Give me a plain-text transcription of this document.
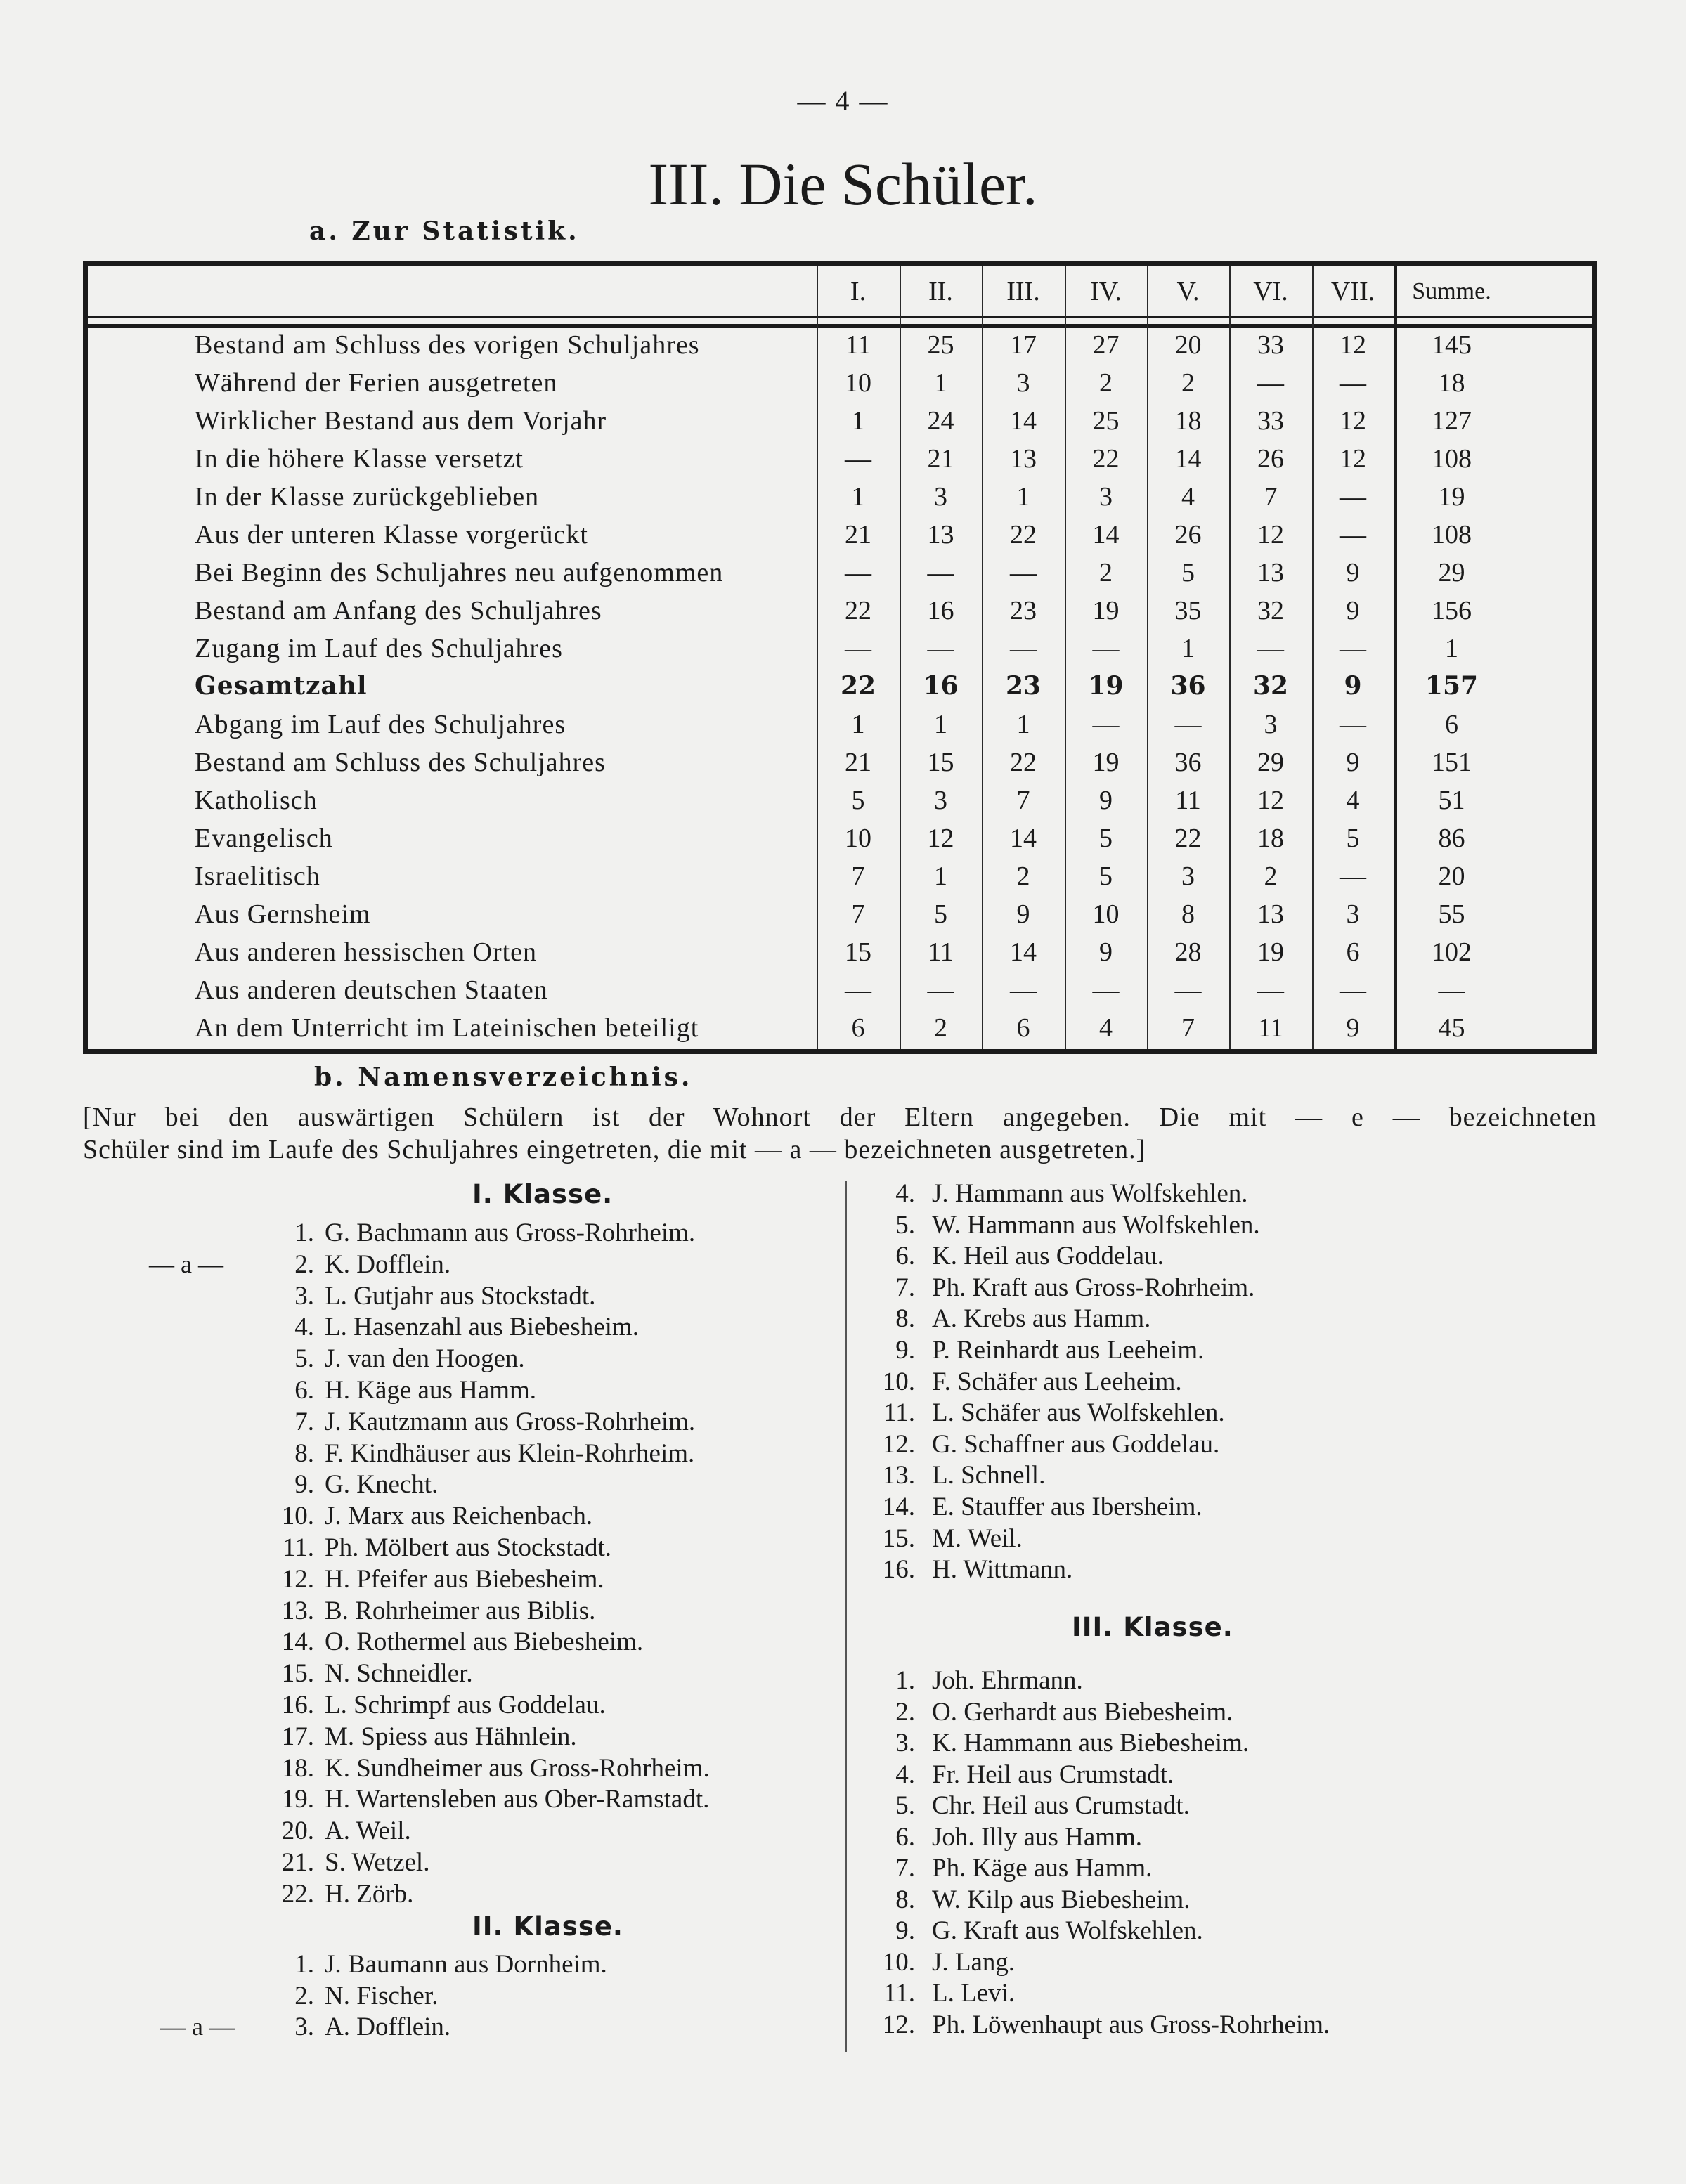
— 4 —
III. Die Schüler.
a. Zur Statistik.
I.	II.	III.	IV.	V.	VI.	VII.	Summe.
Bestand am Schluss des vorigen Schuljahres	11	25	17	27	20	33	12	145
Während der Ferien ausgetreten	10	1	3	2	2	—	—	18
Wirklicher Bestand aus dem Vorjahr	1	24	14	25	18	33	12	127
In die höhere Klasse versetzt	—	21	13	22	14	26	12	108
In der Klasse zurückgeblieben	1	3	1	3	4	7	—	19
Aus der unteren Klasse vorgerückt	21	13	22	14	26	12	—	108
Bei Beginn des Schuljahres neu aufgenommen	—	—	—	2	5	13	9	29
Bestand am Anfang des Schuljahres	22	16	23	19	35	32	9	156
Zugang im Lauf des Schuljahres	—	—	—	—	1	—	—	1
Gesamtzahl	22	16	23	19	36	32	9	157
Abgang im Lauf des Schuljahres	1	1	1	—	—	3	—	6
Bestand am Schluss des Schuljahres	21	15	22	19	36	29	9	151
Katholisch	5	3	7	9	11	12	4	51
Evangelisch	10	12	14	5	22	18	5	86
Israelitisch	7	1	2	5	3	2	—	20
Aus Gernsheim	7	5	9	10	8	13	3	55
Aus anderen hessischen Orten	15	11	14	9	28	19	6	102
Aus anderen deutschen Staaten	—	—	—	—	—	—	—	—
An dem Unterricht im Lateinischen beteiligt	6	2	6	4	7	11	9	45
b. Namensverzeichnis.
[Nur bei den auswärtigen Schülern ist der Wohnort der Eltern angegeben. Die mit — e — bezeichneten
Schüler sind im Laufe des Schuljahres eingetreten, die mit — a — bezeichneten ausgetreten.]
I. Klasse.
II. Klasse.
III. Klasse.
1. G. Bachmann aus Gross-Rohrheim.
2. K. Dofflein.
— a —
3. L. Gutjahr aus Stockstadt.
4. L. Hasenzahl aus Biebesheim.
5. J. van den Hoogen.
6. H. Käge aus Hamm.
7. J. Kautzmann aus Gross-Rohrheim.
8. F. Kindhäuser aus Klein-Rohrheim.
9. G. Knecht.
10. J. Marx aus Reichenbach.
11. Ph. Mölbert aus Stockstadt.
12. H. Pfeifer aus Biebesheim.
13. B. Rohrheimer aus Biblis.
14. O. Rothermel aus Biebesheim.
15. N. Schneidler.
16. L. Schrimpf aus Goddelau.
17. M. Spiess aus Hähnlein.
18. K. Sundheimer aus Gross-Rohrheim.
19. H. Wartensleben aus Ober-Ramstadt.
20. A. Weil.
21. S. Wetzel.
22. H. Zörb.
1. J. Baumann aus Dornheim.
2. N. Fischer.
3. A. Dofflein.
— a —
4. J. Hammann aus Wolfskehlen.
5. W. Hammann aus Wolfskehlen.
6. K. Heil aus Goddelau.
7. Ph. Kraft aus Gross-Rohrheim.
8. A. Krebs aus Hamm.
9. P. Reinhardt aus Leeheim.
10. F. Schäfer aus Leeheim.
11. L. Schäfer aus Wolfskehlen.
12. G. Schaffner aus Goddelau.
13. L. Schnell.
14. E. Stauffer aus Ibersheim.
15. M. Weil.
16. H. Wittmann.
1. Joh. Ehrmann.
2. O. Gerhardt aus Biebesheim.
3. K. Hammann aus Biebesheim.
4. Fr. Heil aus Crumstadt.
5. Chr. Heil aus Crumstadt.
6. Joh. Illy aus Hamm.
7. Ph. Käge aus Hamm.
8. W. Kilp aus Biebesheim.
9. G. Kraft aus Wolfskehlen.
10. J. Lang.
11. L. Levi.
12. Ph. Löwenhaupt aus Gross-Rohrheim.
